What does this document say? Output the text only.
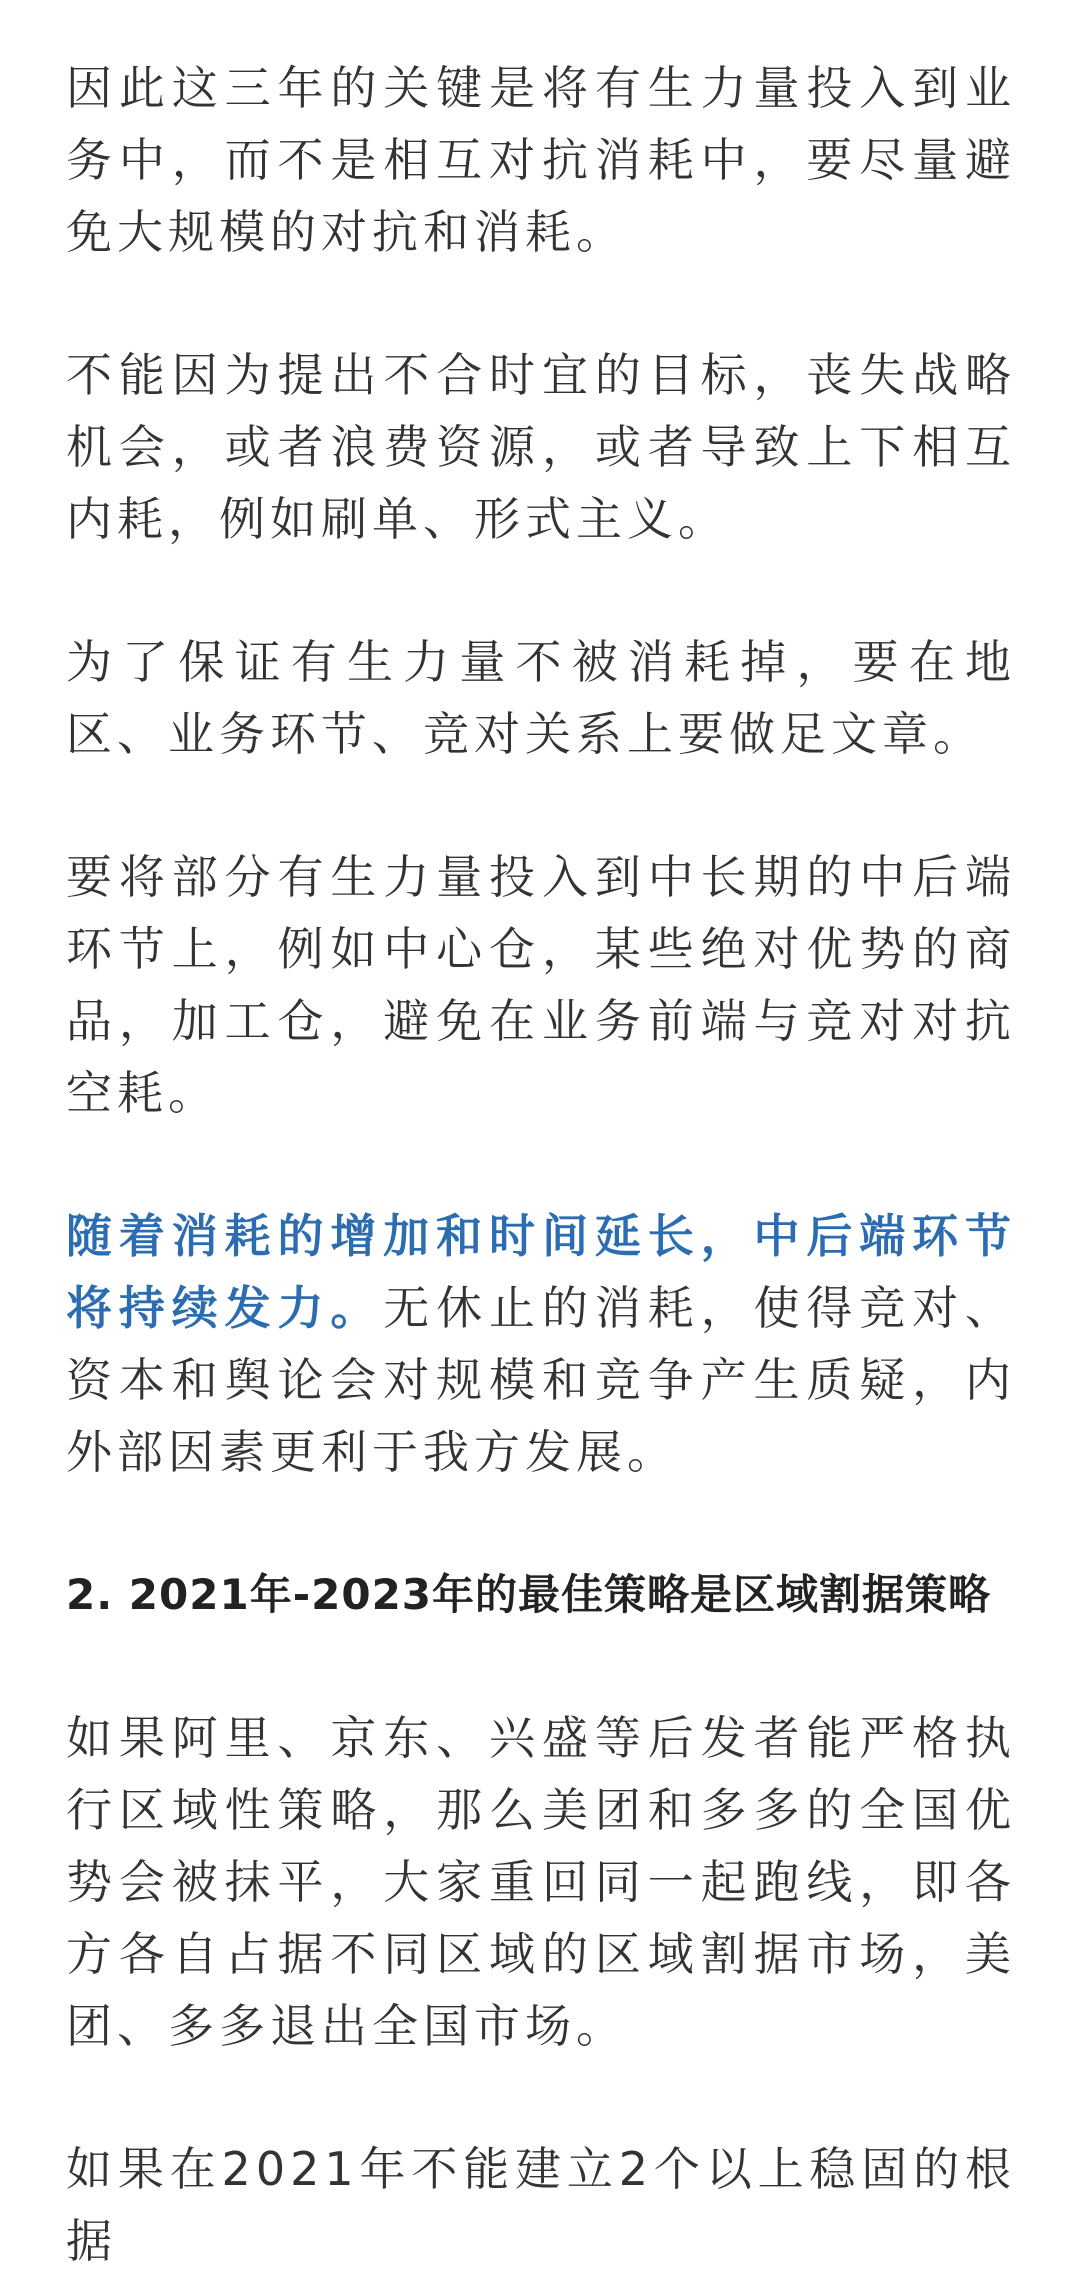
因此这三年的关键是将有生力量投入到业务中，而不是相互对抗消耗中，要尽量避免大规模的对抗和消耗。

不能因为提出不合时宜的目标，丧失战略机会，或者浪费资源，或者导致上下相互内耗，例如刷单、形式主义。

为了保证有生力量不被消耗掉，要在地区、业务环节、竞对关系上要做足文章。

要将部分有生力量投入到中长期的中后端环节上，例如中心仓，某些绝对优势的商品，加工仓，避免在业务前端与竞对对抗空耗。

随着消耗的增加和时间延长，中后端环节将持续发力。无休止的消耗，使得竞对、资本和舆论会对规模和竞争产生质疑，内外部因素更利于我方发展。

2. 2021年-2023年的最佳策略是区域割据策略

如果阿里、京东、兴盛等后发者能严格执行区域性策略，那么美团和多多的全国优势会被抹平，大家重回同一起跑线，即各方各自占据不同区域的区域割据市场，美团、多多退出全国市场。

如果在2021年不能建立2个以上稳固的根据
